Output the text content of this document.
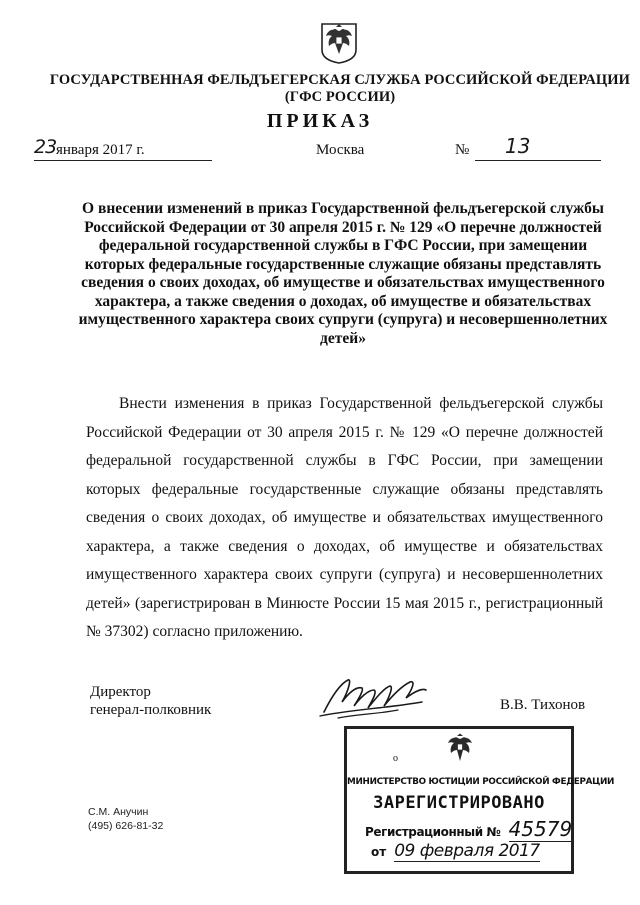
ГОСУДАРСТВЕННАЯ ФЕЛЬДЪЕГЕРСКАЯ СЛУЖБА РОССИЙСКОЙ ФЕДЕРАЦИИ
(ГФС РОССИИ)
ПРИКАЗ
23 января 2017 г.	Москва	№ 13
О внесении изменений в приказ Государственной фельдъегерской службы Российской Федерации от 30 апреля 2015 г. № 129 «О перечне должностей федеральной государственной службы в ГФС России, при замещении которых федеральные государственные служащие обязаны представлять сведения о своих доходах, об имуществе и обязательствах имущественного характера, а также сведения о доходах, об имуществе и обязательствах имущественного характера своих супруги (супруга) и несовершеннолетних детей»
Внести изменения в приказ Государственной фельдъегерской службы Российской Федерации от 30 апреля 2015 г. № 129 «О перечне должностей федеральной государственной службы в ГФС России, при замещении которых федеральные государственные служащие обязаны представлять сведения о своих доходах, об имуществе и обязательствах имущественного характера, а также сведения о доходах, об имуществе и обязательствах имущественного характера своих супруги (супруга) и несовершеннолетних детей» (зарегистрирован в Минюсте России 15 мая 2015 г., регистрационный № 37302) согласно приложению.
Директор
генерал-полковник	В.В. Тихонов
С.М. Анучин
(495) 626-81-32
о
МИНИСТЕРСТВО ЮСТИЦИИ РОССИЙСКОЙ ФЕДЕРАЦИИ
ЗАРЕГИСТРИРОВАНО
Регистрационный № 45579
от 09 февраля 2017
